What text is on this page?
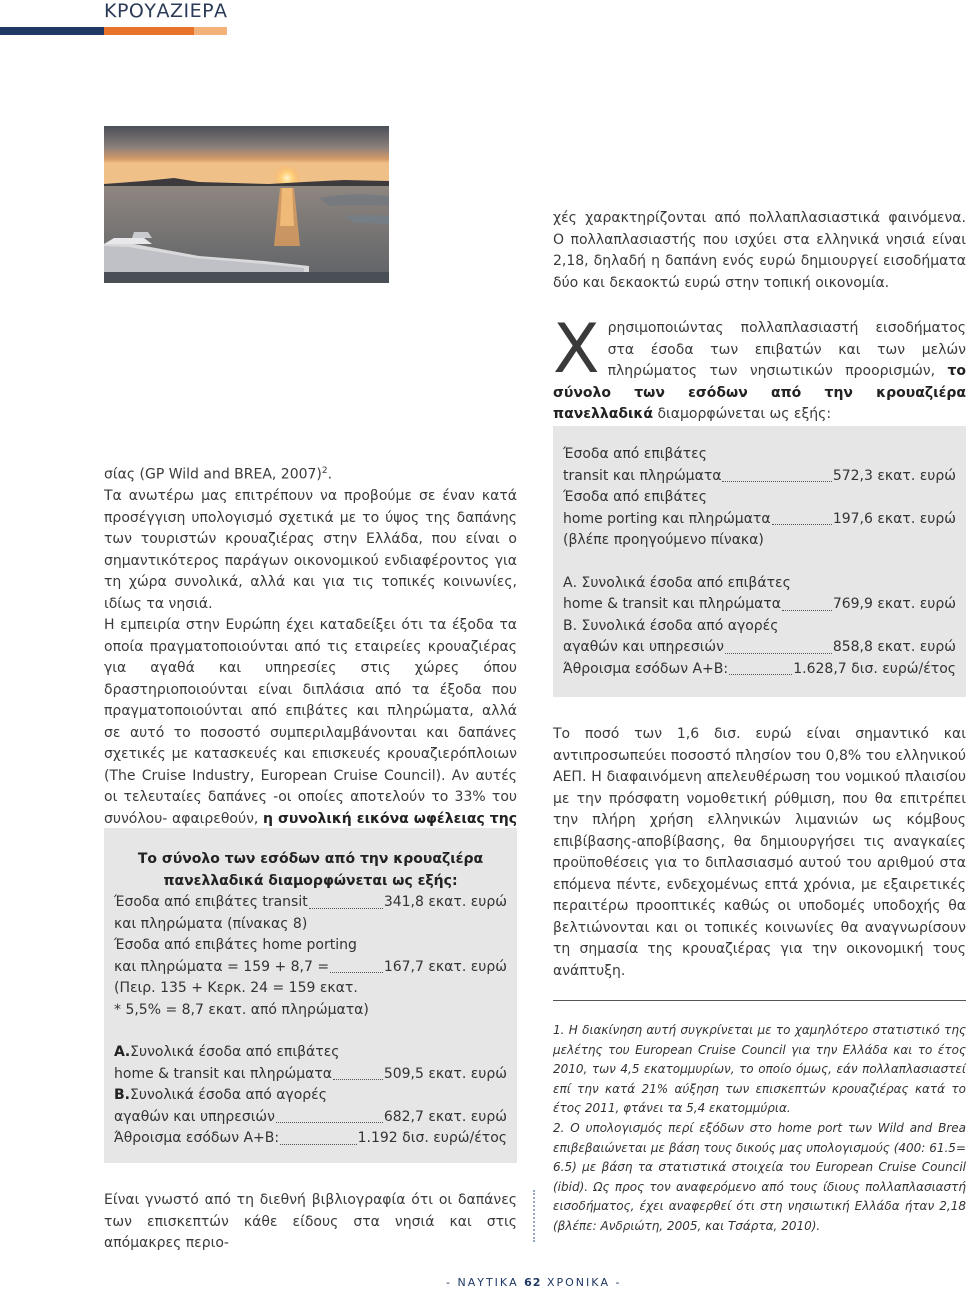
ΚΡΟΥΑΖΙΕΡΑ

χές χαρακτηρίζονται από πολλαπλασιαστικά φαινόμενα. Ο πολλαπλασιαστής που ισχύει στα ελληνικά νησιά είναι 2,18, δηλαδή η δαπάνη ενός ευρώ δημιουργεί εισοδήματα δύο και δεκαοκτώ ευρώ στην τοπική οικονομία.

Χ ρησιμοποιώντας πολλαπλασιαστή εισοδήματος στα έσοδα των επιβατών και των μελών πληρώματος των νησιωτικών προορισμών, το σύνολο των εσόδων από την κρουαζιέρα πανελλαδικά διαμορφώνεται ως εξής:
Έσοδα από επιβάτες
transit και πληρώματα	572,3 εκατ. ευρώ
Έσοδα από επιβάτες
home porting και πληρώματα	197,6 εκατ. ευρώ
(βλέπε προηγούμενο πίνακα)
Α. Συνολικά έσοδα από επιβάτες
home & transit και πληρώματα	769,9 εκατ. ευρώ
Β. Συνολικά έσοδα από αγορές
αγαθών και υπηρεσιών	858,8 εκατ. ευρώ
Άθροισμα εσόδων Α+Β:	1.628,7 δισ. ευρώ/έτος

σίας (GP Wild and BREA, 2007)$^2$.

Τα ανωτέρω μας επιτρέπουν να προβούμε σε έναν κατά προσέγγιση υπολογισμό σχετικά με το ύψος της δαπάνης των τουριστών κρουαζιέρας στην Ελλάδα, που είναι ο σημαντικότερος παράγων οικονομικού ενδιαφέροντος για τη χώρα συνολικά, αλλά και για τις τοπικές κοινωνίες, ιδίως τα νησιά.

Η εμπειρία στην Ευρώπη έχει καταδείξει ότι τα έξοδα τα οποία πραγματοποιούνται από τις εταιρείες κρουαζιέρας για αγαθά και υπηρεσίες στις χώρες όπου δραστηριοποιούνται είναι διπλάσια από τα έξοδα που πραγματοποιούνται από επιβάτες και πληρώματα, αλλά σε αυτό το ποσοστό συμπεριλαμβάνονται και δαπάνες σχετικές με κατασκευές και επισκευές κρουαζιερόπλοιων (The Cruise Industry, European Cruise Council). Αν αυτές οι τελευταίες δαπάνες -οι οποίες αποτελούν το 33% του συνόλου- αφαιρεθούν, η συνολική εικόνα ωφέλειας της

Το σύνολο των εσόδων από την κρουαζιέρα
πανελλαδικά διαμορφώνεται ως εξής:
Έσοδα από επιβάτες transit	341,8 εκατ. ευρώ
και πληρώματα (πίνακας 8)
Έσοδα από επιβάτες home porting
και πληρώματα = 159 + 8,7 =	167,7 εκατ. ευρώ
(Πειρ. 135 + Κερκ. 24 = 159 εκατ.
* 5,5% = 8,7 εκατ. από πληρώματα)
Α. Συνολικά έσοδα από επιβάτες
home & transit και πληρώματα	509,5 εκατ. ευρώ
Β. Συνολικά έσοδα από αγορές
αγαθών και υπηρεσιών	682,7 εκατ. ευρώ
Άθροισμα εσόδων Α+Β:	1.192 δισ. ευρώ/έτος

Είναι γνωστό από τη διεθνή βιβλιογραφία ότι οι δαπάνες των επισκεπτών κάθε είδους στα νησιά και στις απόμακρες περιο-

Το ποσό των 1,6 δισ. ευρώ είναι σημαντικό και αντιπροσωπεύει ποσοστό πλησίον του 0,8% του ελληνικού ΑΕΠ. Η διαφαινόμενη απελευθέρωση του νομικού πλαισίου με την πρόσφατη νομοθετική ρύθμιση, που θα επιτρέπει την πλήρη χρήση ελληνικών λιμανιών ως κόμβους επιβίβασης-αποβίβασης, θα δημιουργήσει τις αναγκαίες προϋποθέσεις για το διπλασιασμό αυτού του αριθμού στα επόμενα πέντε, ενδεχομένως επτά χρόνια, με εξαιρετικές περαιτέρω προοπτικές καθώς οι υποδομές υποδοχής θα βελτιώνονται και οι τοπικές κοινωνίες θα αναγνωρίσουν τη σημασία της κρουαζιέρας για την οικονομική τους ανάπτυξη.

1. Η διακίνηση αυτή συγκρίνεται με το χαμηλότερο στατιστικό της μελέτης του European Cruise Council για την Ελλάδα και το έτος 2010, των 4,5 εκατομμυρίων, το οποίο όμως, εάν πολλαπλασιαστεί επί την κατά 21% αύξηση των επισκεπτών κρουαζιέρας κατά το έτος 2011, φτάνει τα 5,4 εκατομμύρια.

2. Ο υπολογισμός περί εξόδων στο home port των Wild and Brea επιβεβαιώνεται με βάση τους δικούς μας υπολογισμούς (400: 61.5= 6.5) με βάση τα στατιστικά στοιχεία του European Cruise Council (ibid). Ως προς τον αναφερόμενο από τους ίδιους πολλαπλασιαστή εισοδήματος, έχει αναφερθεί ότι στη νησιωτική Ελλάδα ήταν 2,18 (βλέπε: Ανδριώτη, 2005, και Τσάρτα, 2010).

- ΝΑΥΤΙΚΑ 62 ΧΡΟΝΙΚΑ -
